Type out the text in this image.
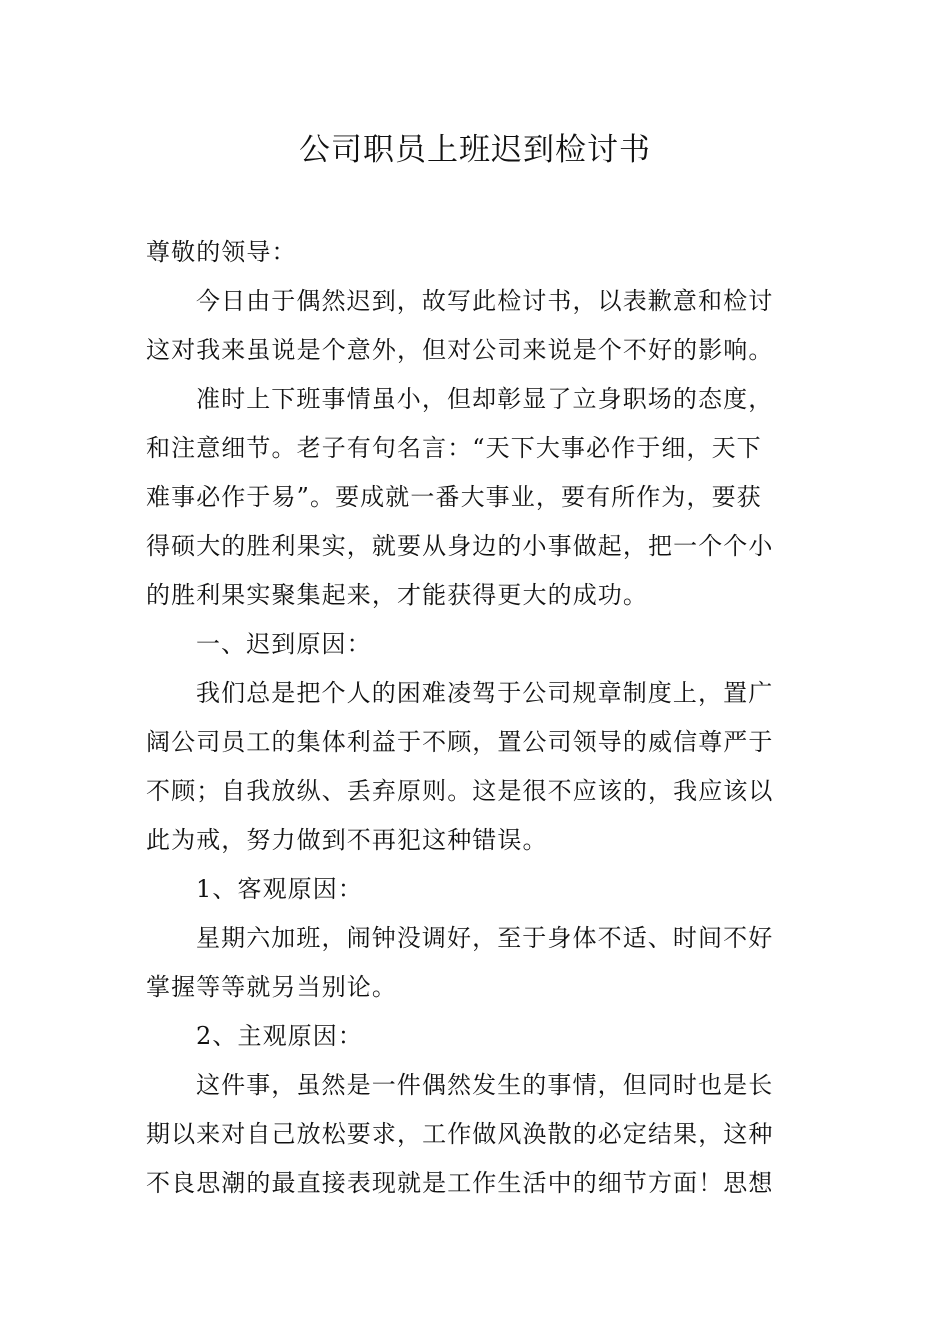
公司职员上班迟到检讨书

尊敬的领导：

今日由于偶然迟到，故写此检讨书，以表歉意和检讨

这对我来虽说是个意外，但对公司来说是个不好的影响。

准时上下班事情虽小，但却彰显了立身职场的态度，

和注意细节。老子有句名言：“天下大事必作于细，天下

难事必作于易”。要成就一番大事业，要有所作为，要获

得硕大的胜利果实，就要从身边的小事做起，把一个个小

的胜利果实聚集起来，才能获得更大的成功。

一、迟到原因：

我们总是把个人的困难凌驾于公司规章制度上，置广

阔公司员工的集体利益于不顾，置公司领导的威信尊严于

不顾；自我放纵、丢弃原则。这是很不应该的，我应该以

此为戒，努力做到不再犯这种错误。

1、客观原因：

星期六加班，闹钟没调好，至于身体不适、时间不好

掌握等等就另当别论。

2、主观原因：

这件事，虽然是一件偶然发生的事情，但同时也是长

期以来对自己放松要求，工作做风涣散的必定结果，这种

不良思潮的最直接表现就是工作生活中的细节方面！思想
